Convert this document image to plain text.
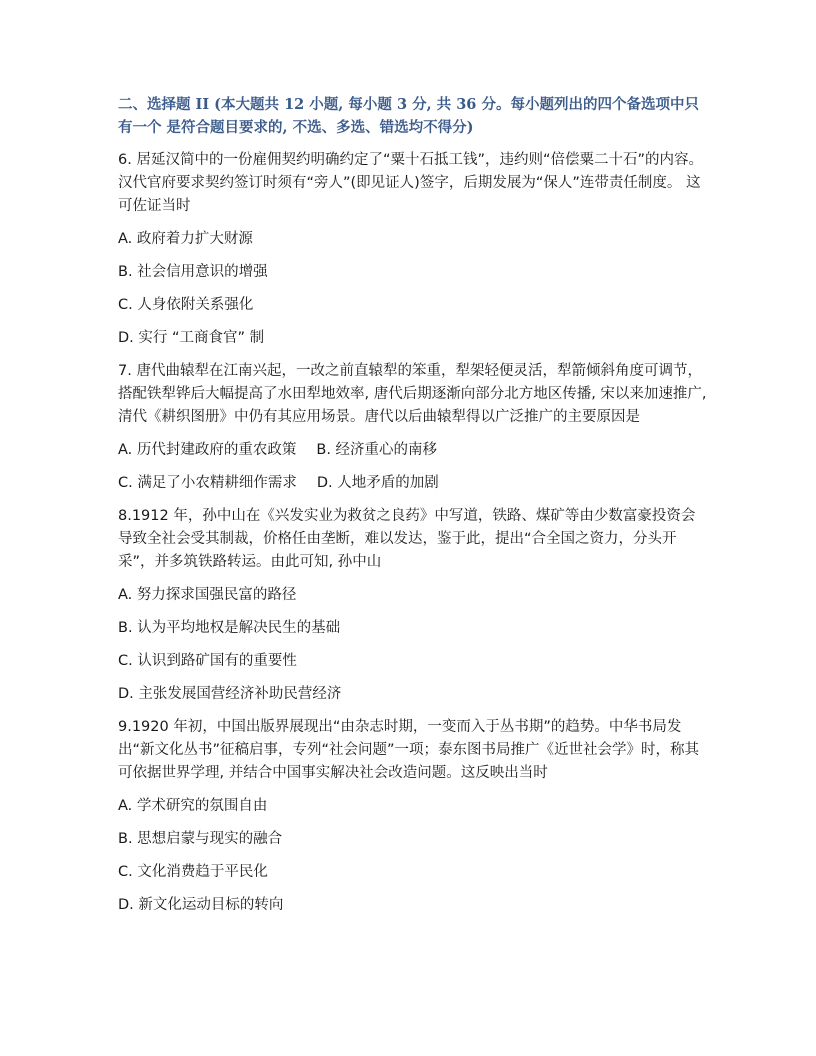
二、选择题 II (本大题共 12 小题, 每小题 3 分, 共 36 分。每小题列出的四个备选项中只有一个 是符合题目要求的, 不选、多选、错选均不得分)
6. 居延汉简中的一份雇佣契约明确约定了“粟十石抵工钱”，违约则“倍偿粟二十石”的内容。 汉代官府要求契约签订时须有“旁人”(即见证人)签字，后期发展为“保人”连带责任制度。 这可佐证当时
A. 政府着力扩大财源
B. 社会信用意识的增强
C. 人身依附关系强化
D. 实行 “工商食官” 制
7. 唐代曲辕犁在江南兴起，一改之前直辕犁的笨重，犁架轻便灵活，犁箭倾斜角度可调节，搭配铁犁铧后大幅提高了水田犁地效率, 唐代后期逐渐向部分北方地区传播, 宋以来加速推广, 清代《耕织图册》中仍有其应用场景。唐代以后曲辕犁得以广泛推广的主要原因是
A. 历代封建政府的重农政策 B. 经济重心的南移
C. 满足了小农精耕细作需求 D. 人地矛盾的加剧
8.1912 年，孙中山在《兴发实业为救贫之良药》中写道，铁路、煤矿等由少数富豪投资会导致全社会受其制裁，价格任由垄断，难以发达，鉴于此，提出“合全国之资力，分头开采”，并多筑铁路转运。由此可知, 孙中山
A. 努力探求国强民富的路径
B. 认为平均地权是解决民生的基础
C. 认识到路矿国有的重要性
D. 主张发展国营经济补助民营经济
9.1920 年初，中国出版界展现出“由杂志时期，一变而入于丛书期”的趋势。中华书局发出“新文化丛书”征稿启事，专列“社会问题”一项；泰东图书局推广《近世社会学》时，称其可依据世界学理, 并结合中国事实解决社会改造问题。这反映出当时
A. 学术研究的氛围自由
B. 思想启蒙与现实的融合
C. 文化消费趋于平民化
D. 新文化运动目标的转向
